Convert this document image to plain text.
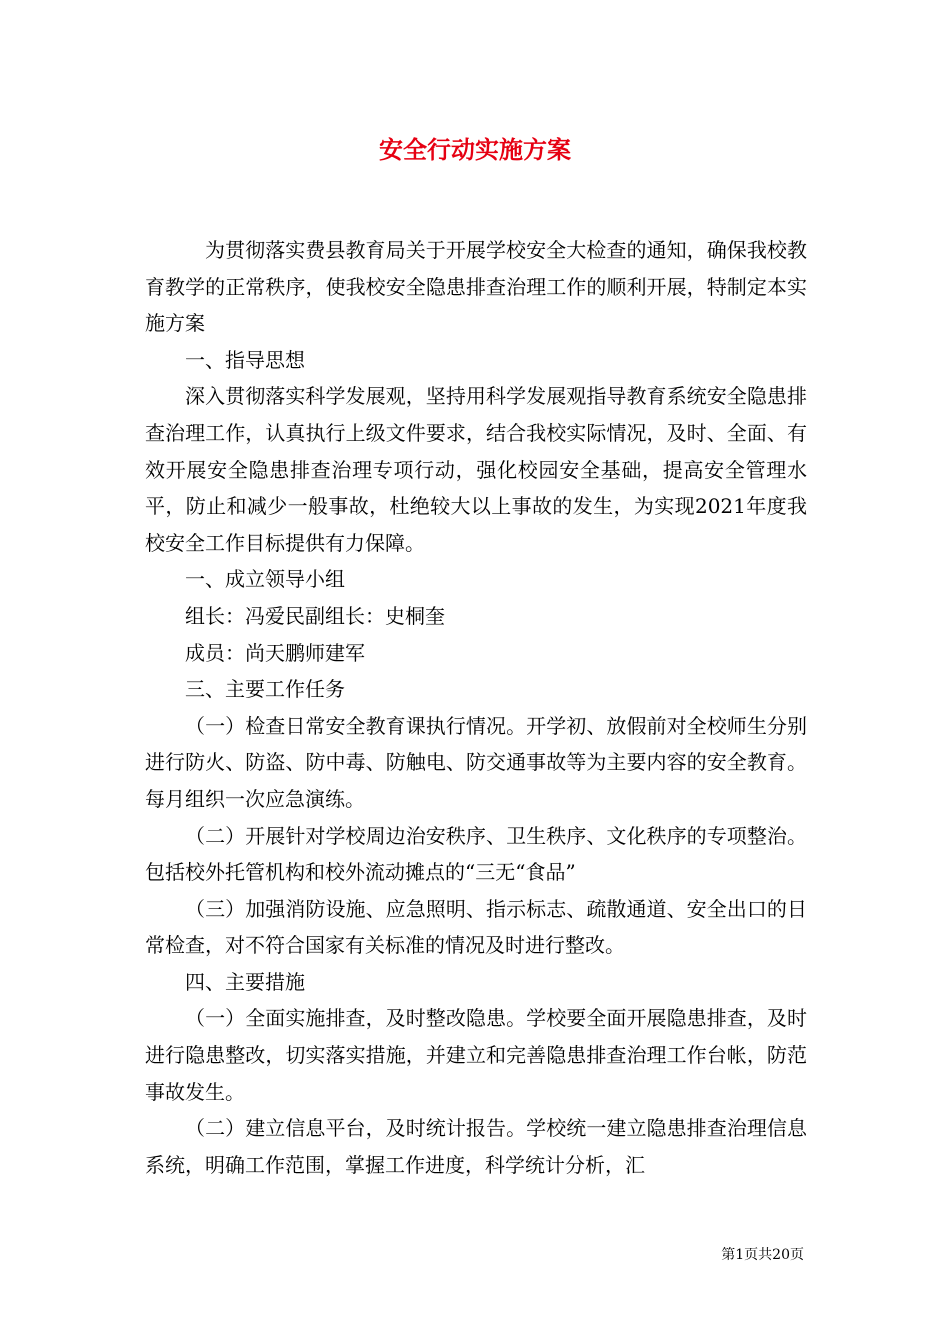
安全行动实施方案

为贯彻落实费县教育局关于开展学校安全大检查的通知，确保我校教育教学的正常秩序，使我校安全隐患排查治理工作的顺利开展，特制定本实施方案

一、指导思想

深入贯彻落实科学发展观，坚持用科学发展观指导教育系统安全隐患排查治理工作，认真执行上级文件要求，结合我校实际情况，及时、全面、有效开展安全隐患排查治理专项行动，强化校园安全基础，提高安全管理水平，防止和减少一般事故，杜绝较大以上事故的发生，为实现2021年度我校安全工作目标提供有力保障。

一、成立领导小组

组长：冯爱民副组长：史桐奎

成员：尚天鹏师建军

三、主要工作任务

（一）检查日常安全教育课执行情况。开学初、放假前对全校师生分别进行防火、防盗、防中毒、防触电、防交通事故等为主要内容的安全教育。每月组织一次应急演练。

（二）开展针对学校周边治安秩序、卫生秩序、文化秩序的专项整治。包括校外托管机构和校外流动摊点的“三无“食品”

（三）加强消防设施、应急照明、指示标志、疏散通道、安全出口的日常检查，对不符合国家有关标准的情况及时进行整改。

四、主要措施

（一）全面实施排查，及时整改隐患。学校要全面开展隐患排查，及时进行隐患整改，切实落实措施，并建立和完善隐患排查治理工作台帐，防范事故发生。

（二）建立信息平台，及时统计报告。学校统一建立隐患排查治理信息系统，明确工作范围，掌握工作进度，科学统计分析，汇

第1页共20页
